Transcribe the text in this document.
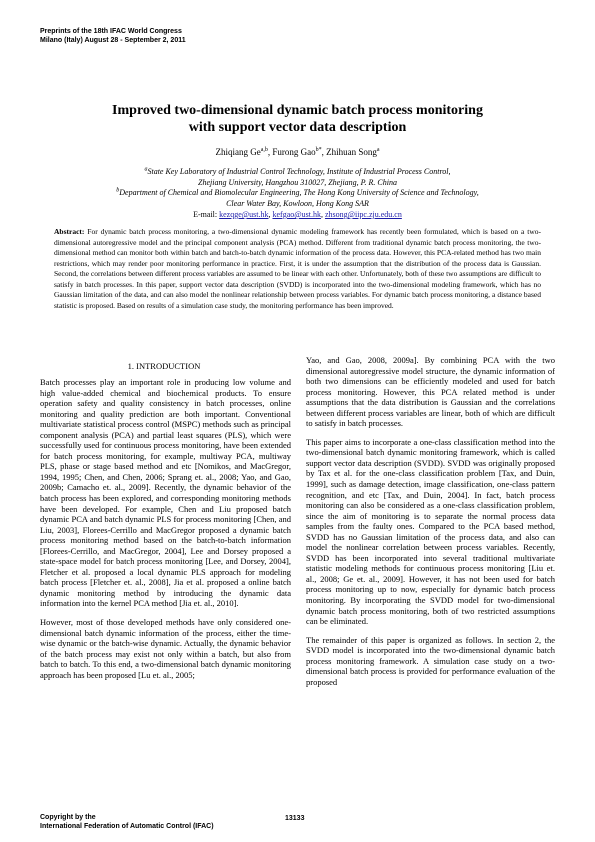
Preprints of the 18th IFAC World Congress
Milano (Italy) August 28 - September 2, 2011
Improved two-dimensional dynamic batch process monitoring
with support vector data description
Zhiqiang Ge$^{a,b}$, Furong Gao$^{b*}$, Zhihuan Song$^a$
$^a$State Key Laboratory of Industrial Control Technology, Institute of Industrial Process Control,
Zhejiang University, Hangzhou 310027, Zhejiang, P. R. China
$^b$Department of Chemical and Biomolecular Engineering, The Hong Kong University of Science and Technology,
Clear Water Bay, Kowloon, Hong Kong SAR
E-mail: kezqge@ust.hk, kefgao@ust.hk, zhsong@iipc.zju.edu.cn
Abstract: For dynamic batch process monitoring, a two-dimensional dynamic modeling framework has recently been formulated, which is based on a two-dimensional autoregressive model and the principal component analysis (PCA) method. Different from traditional dynamic batch process monitoring, the two-dimensional method can monitor both within batch and batch-to-batch dynamic information of the process data. However, this PCA-related method has two main restrictions, which may render poor monitoring performance in practice. First, it is under the assumption that the distribution of the process data is Gaussian. Second, the correlations between different process variables are assumed to be linear with each other. Unfortunately, both of these two assumptions are difficult to satisfy in batch processes. In this paper, support vector data description (SVDD) is incorporated into the two-dimensional modeling framework, which has no Gaussian limitation of the data, and can also model the nonlinear relationship between process variables. For dynamic batch process monitoring, a distance based statistic is proposed. Based on results of a simulation case study, the monitoring performance has been improved.
1. INTRODUCTION

Batch processes play an important role in producing low volume and high value-added chemical and biochemical products. To ensure operation safety and quality consistency in batch processes, online monitoring and quality prediction are both important. Conventional multivariate statistical process control (MSPC) methods such as principal component analysis (PCA) and partial least squares (PLS), which were successfully used for continuous process monitoring, have been extended for batch process monitoring, for example, multiway PCA, multiway PLS, phase or stage based method and etc [Nomikos, and MacGregor, 1994, 1995; Chen, and Chen, 2006; Sprang et. al., 2008; Yao, and Gao, 2009b; Camacho et. al., 2009]. Recently, the dynamic behavior of the batch process has been explored, and corresponding monitoring methods have been developed. For example, Chen and Liu proposed batch dynamic PCA and batch dynamic PLS for process monitoring [Chen, and Liu, 2003], Florees-Cerrillo and MacGregor proposed a dynamic batch process monitoring method based on the batch-to-batch information [Florees-Cerrillo, and MacGregor, 2004], Lee and Dorsey proposed a state-space model for batch process monitoring [Lee, and Dorsey, 2004], Fletcher et al. proposed a local dynamic PLS approach for modeling batch process [Fletcher et. al., 2008], Jia et al. proposed a online batch dynamic monitoring method by introducing the dynamic data information into the kernel PCA method [Jia et. al., 2010].

However, most of those developed methods have only considered one-dimensional batch dynamic information of the process, either the time-wise dynamic or the batch-wise dynamic. Actually, the dynamic behavior of the batch process may exist not only within a batch, but also from batch to batch. To this end, a two-dimensional batch dynamic monitoring approach has been proposed [Lu et. al., 2005;

Yao, and Gao, 2008, 2009a]. By combining PCA with the two dimensional autoregressive model structure, the dynamic information of both two dimensions can be efficiently modeled and used for batch process monitoring. However, this PCA related method is under assumptions that the data distribution is Gaussian and the correlations between different process variables are linear, both of which are difficult to satisfy in batch processes.

This paper aims to incorporate a one-class classification method into the two-dimensional batch dynamic monitoring framework, which is called support vector data description (SVDD). SVDD was originally proposed by Tax et al. for the one-class classification problem [Tax, and Duin, 1999], such as damage detection, image classification, one-class pattern recognition, and etc [Tax, and Duin, 2004]. In fact, batch process monitoring can also be considered as a one-class classification problem, since the aim of monitoring is to separate the normal process data samples from the faulty ones. Compared to the PCA based method, SVDD has no Gaussian limitation of the process data, and also can model the nonlinear correlation between process variables. Recently, SVDD has been incorporated into several traditional multivariate statistic modeling methods for continuous process monitoring [Liu et. al., 2008; Ge et. al., 2009]. However, it has not been used for batch process monitoring up to now, especially for dynamic batch process monitoring. By incorporating the SVDD model for two-dimensional dynamic batch process monitoring, both of two restricted assumptions can be eliminated.

The remainder of this paper is organized as follows. In section 2, the SVDD model is incorporated into the two-dimensional dynamic batch process monitoring framework. A simulation case study on a two-dimensional batch process is provided for performance evaluation of the proposed

Copyright by the
International Federation of Automatic Control (IFAC)
13133
